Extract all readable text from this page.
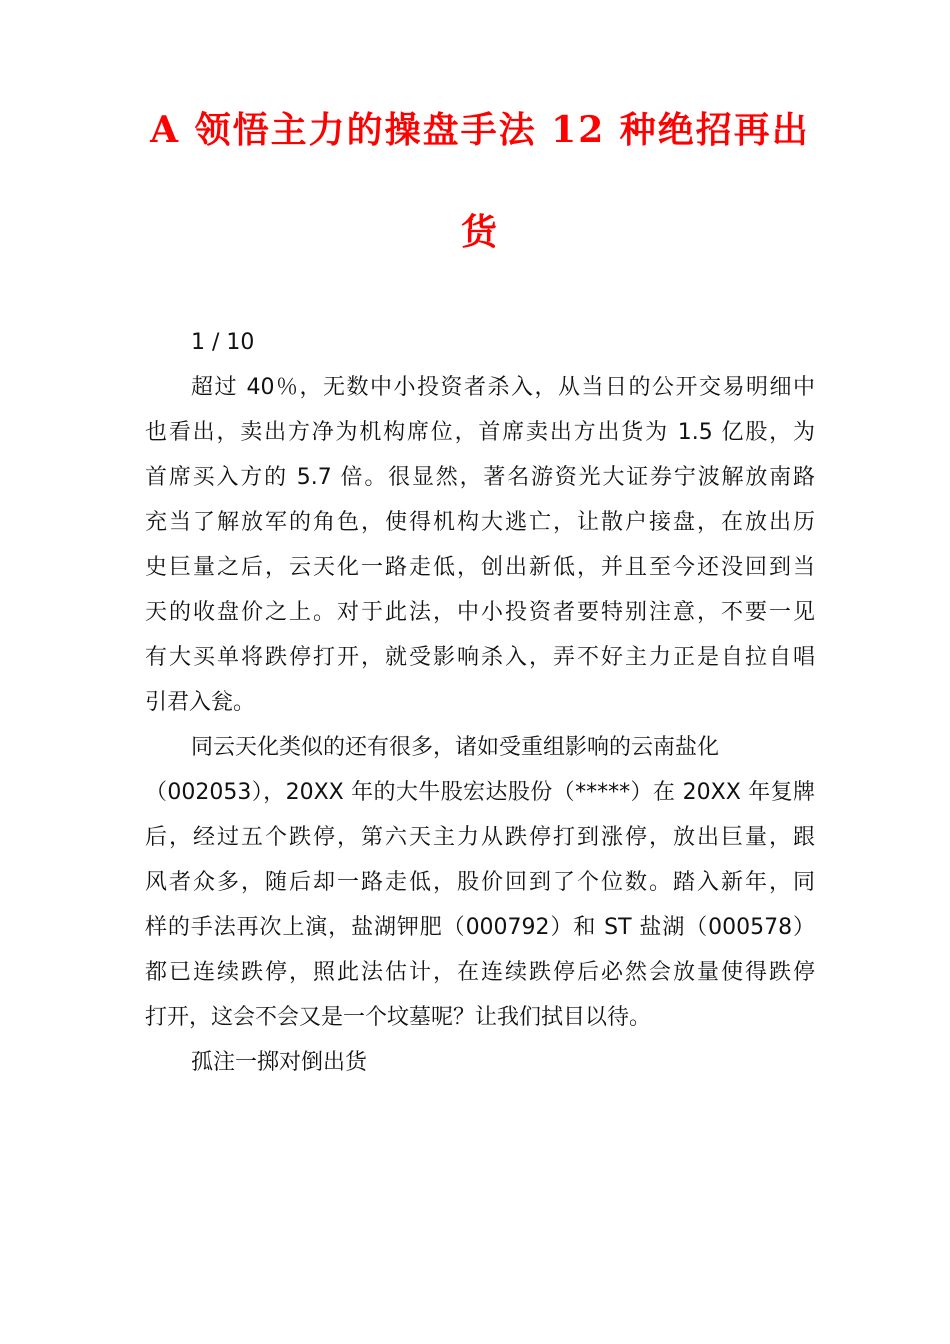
A 领悟主力的操盘手法 12 种绝招再出
货
1 / 10
超过 40％，无数中小投资者杀入，从当日的公开交易明细中
也看出，卖出方净为机构席位，首席卖出方出货为 1.5 亿股，为
首席买入方的 5.7 倍。很显然，著名游资光大证券宁波解放南路
充当了解放军的角色，使得机构大逃亡，让散户接盘，在放出历
史巨量之后，云天化一路走低，创出新低，并且至今还没回到当
天的收盘价之上。对于此法，中小投资者要特别注意，不要一见
有大买单将跌停打开，就受影响杀入，弄不好主力正是自拉自唱
引君入瓮。
同云天化类似的还有很多，诸如受重组影响的云南盐化
（002053），20XX 年的大牛股宏达股份（*****）在 20XX 年复牌
后，经过五个跌停，第六天主力从跌停打到涨停，放出巨量，跟
风者众多，随后却一路走低，股价回到了个位数。踏入新年，同
样的手法再次上演，盐湖钾肥（000792）和 ST 盐湖（000578）
都已连续跌停，照此法估计，在连续跌停后必然会放量使得跌停
打开，这会不会又是一个坟墓呢？让我们拭目以待。
孤注一掷对倒出货
